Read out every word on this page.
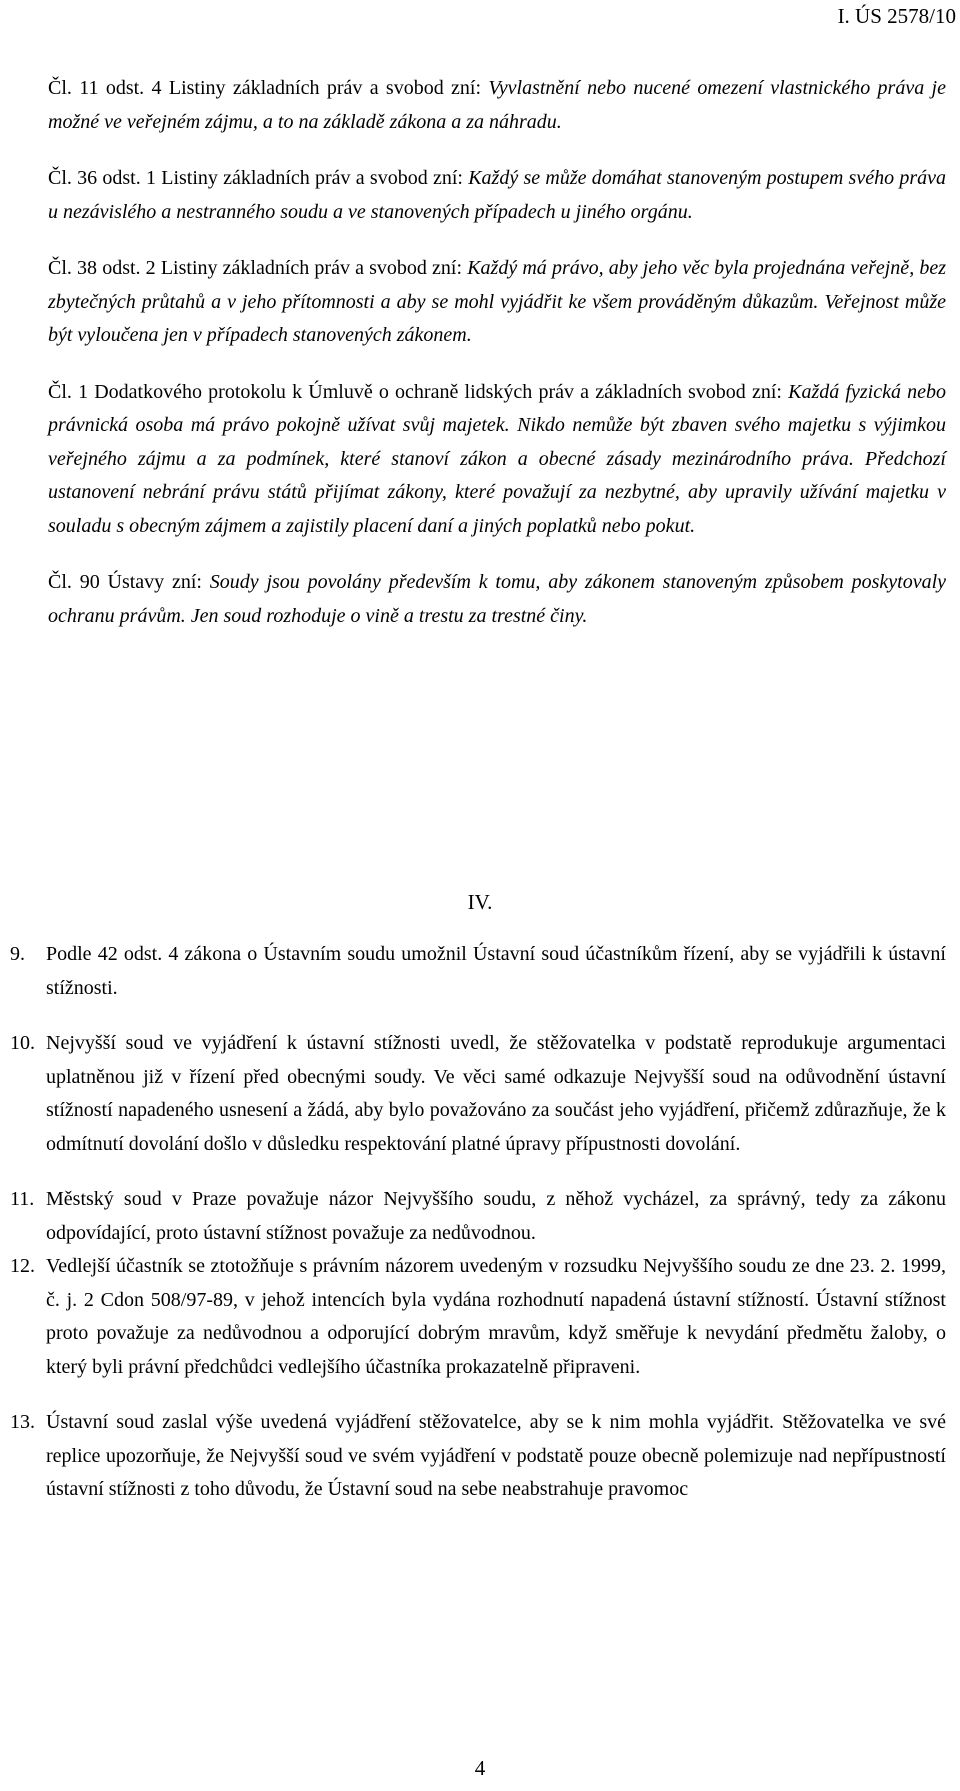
I. ÚS 2578/10

Čl. 11 odst. 4 Listiny základních práv a svobod zní: Vyvlastnění nebo nucené omezení vlastnického práva je možné ve veřejném zájmu, a to na základě zákona a za náhradu.

Čl. 36 odst. 1 Listiny základních práv a svobod zní: Každý se může domáhat stanoveným postupem svého práva u nezávislého a nestranného soudu a ve stanovených případech u jiného orgánu.

Čl. 38 odst. 2 Listiny základních práv a svobod zní: Každý má právo, aby jeho věc byla projednána veřejně, bez zbytečných průtahů a v jeho přítomnosti a aby se mohl vyjádřit ke všem prováděným důkazům. Veřejnost může být vyloučena jen v případech stanovených zákonem.

Čl. 1 Dodatkového protokolu k Úmluvě o ochraně lidských práv a základních svobod zní: Každá fyzická nebo právnická osoba má právo pokojně užívat svůj majetek. Nikdo nemůže být zbaven svého majetku s výjimkou veřejného zájmu a za podmínek, které stanoví zákon a obecné zásady mezinárodního práva. Předchozí ustanovení nebrání právu států přijímat zákony, které považují za nezbytné, aby upravily užívání majetku v souladu s obecným zájmem a zajistily placení daní a jiných poplatků nebo pokut.

Čl. 90 Ústavy zní: Soudy jsou povolány především k tomu, aby zákonem stanoveným způsobem poskytovaly ochranu právům. Jen soud rozhoduje o vině a trestu za trestné činy.

IV.
9. Podle 42 odst. 4 zákona o Ústavním soudu umožnil Ústavní soud účastníkům řízení, aby se vyjádřili k ústavní stížnosti.
10. Nejvyšší soud ve vyjádření k ústavní stížnosti uvedl, že stěžovatelka v podstatě reprodukuje argumentaci uplatněnou již v řízení před obecnými soudy. Ve věci samé odkazuje Nejvyšší soud na odůvodnění ústavní stížností napadeného usnesení a žádá, aby bylo považováno za součást jeho vyjádření, přičemž zdůrazňuje, že k odmítnutí dovolání došlo v důsledku respektování platné úpravy přípustnosti dovolání.
11. Městský soud v Praze považuje názor Nejvyššího soudu, z něhož vycházel, za správný, tedy za zákonu odpovídající, proto ústavní stížnost považuje za nedůvodnou.
12. Vedlejší účastník se ztotožňuje s právním názorem uvedeným v rozsudku Nejvyššího soudu ze dne 23. 2. 1999, č. j. 2 Cdon 508/97-89, v jehož intencích byla vydána rozhodnutí napadená ústavní stížností. Ústavní stížnost proto považuje za nedůvodnou a odporující dobrým mravům, když směřuje k nevydání předmětu žaloby, o který byli právní předchůdci vedlejšího účastníka prokazatelně připraveni.
13. Ústavní soud zaslal výše uvedená vyjádření stěžovatelce, aby se k nim mohla vyjádřit. Stěžovatelka ve své replice upozorňuje, že Nejvyšší soud ve svém vyjádření v podstatě pouze obecně polemizuje nad nepřípustností ústavní stížnosti z toho důvodu, že Ústavní soud na sebe neabstrahuje pravomoc
4
